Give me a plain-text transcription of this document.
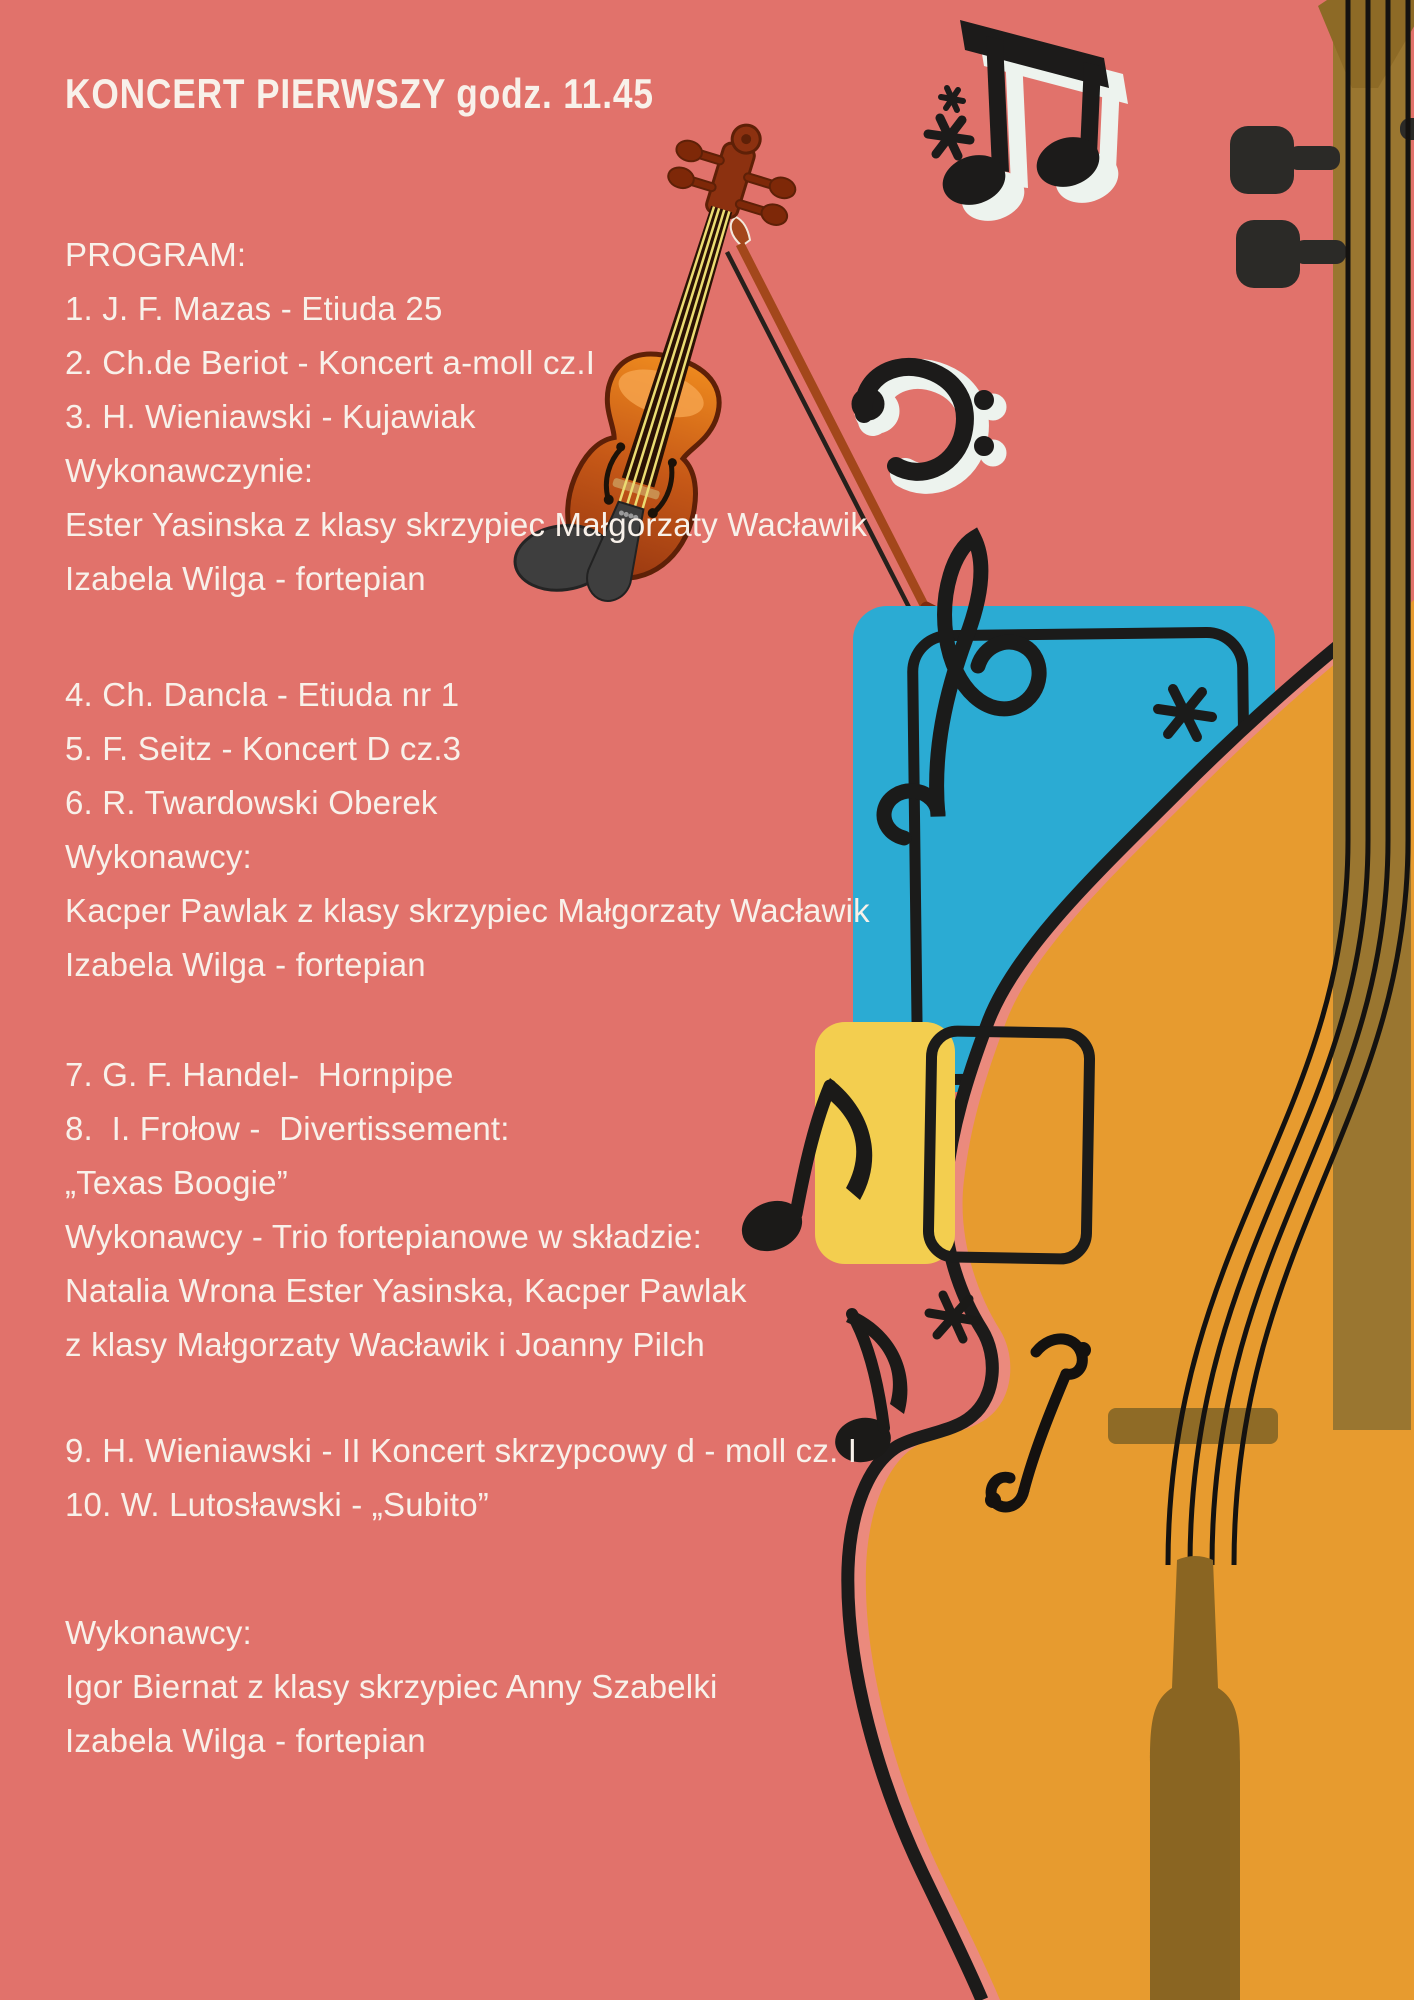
KONCERT PIERWSZY godz. 11.45
PROGRAM:
1. J. F. Mazas - Etiuda 25
2. Ch.de Beriot - Koncert a-moll cz.I
3. H. Wieniawski - Kujawiak
Wykonawczynie:
Ester Yasinska z klasy skrzypiec Małgorzaty Wacławik
Izabela Wilga - fortepian
4. Ch. Dancla - Etiuda nr 1
5. F. Seitz - Koncert D cz.3
6. R. Twardowski Oberek
Wykonawcy:
Kacper Pawlak z klasy skrzypiec Małgorzaty Wacławik
Izabela Wilga - fortepian
7. G. F. Handel-  Hornpipe
8.  I. Frołow -  Divertissement:
„Texas Boogie”
Wykonawcy - Trio fortepianowe w składzie:
Natalia Wrona Ester Yasinska, Kacper Pawlak
z klasy Małgorzaty Wacławik i Joanny Pilch
9. H. Wieniawski - II Koncert skrzypcowy d - moll cz. I
10. W. Lutosławski - „Subito”
Wykonawcy:
Igor Biernat z klasy skrzypiec Anny Szabelki
Izabela Wilga - fortepian
